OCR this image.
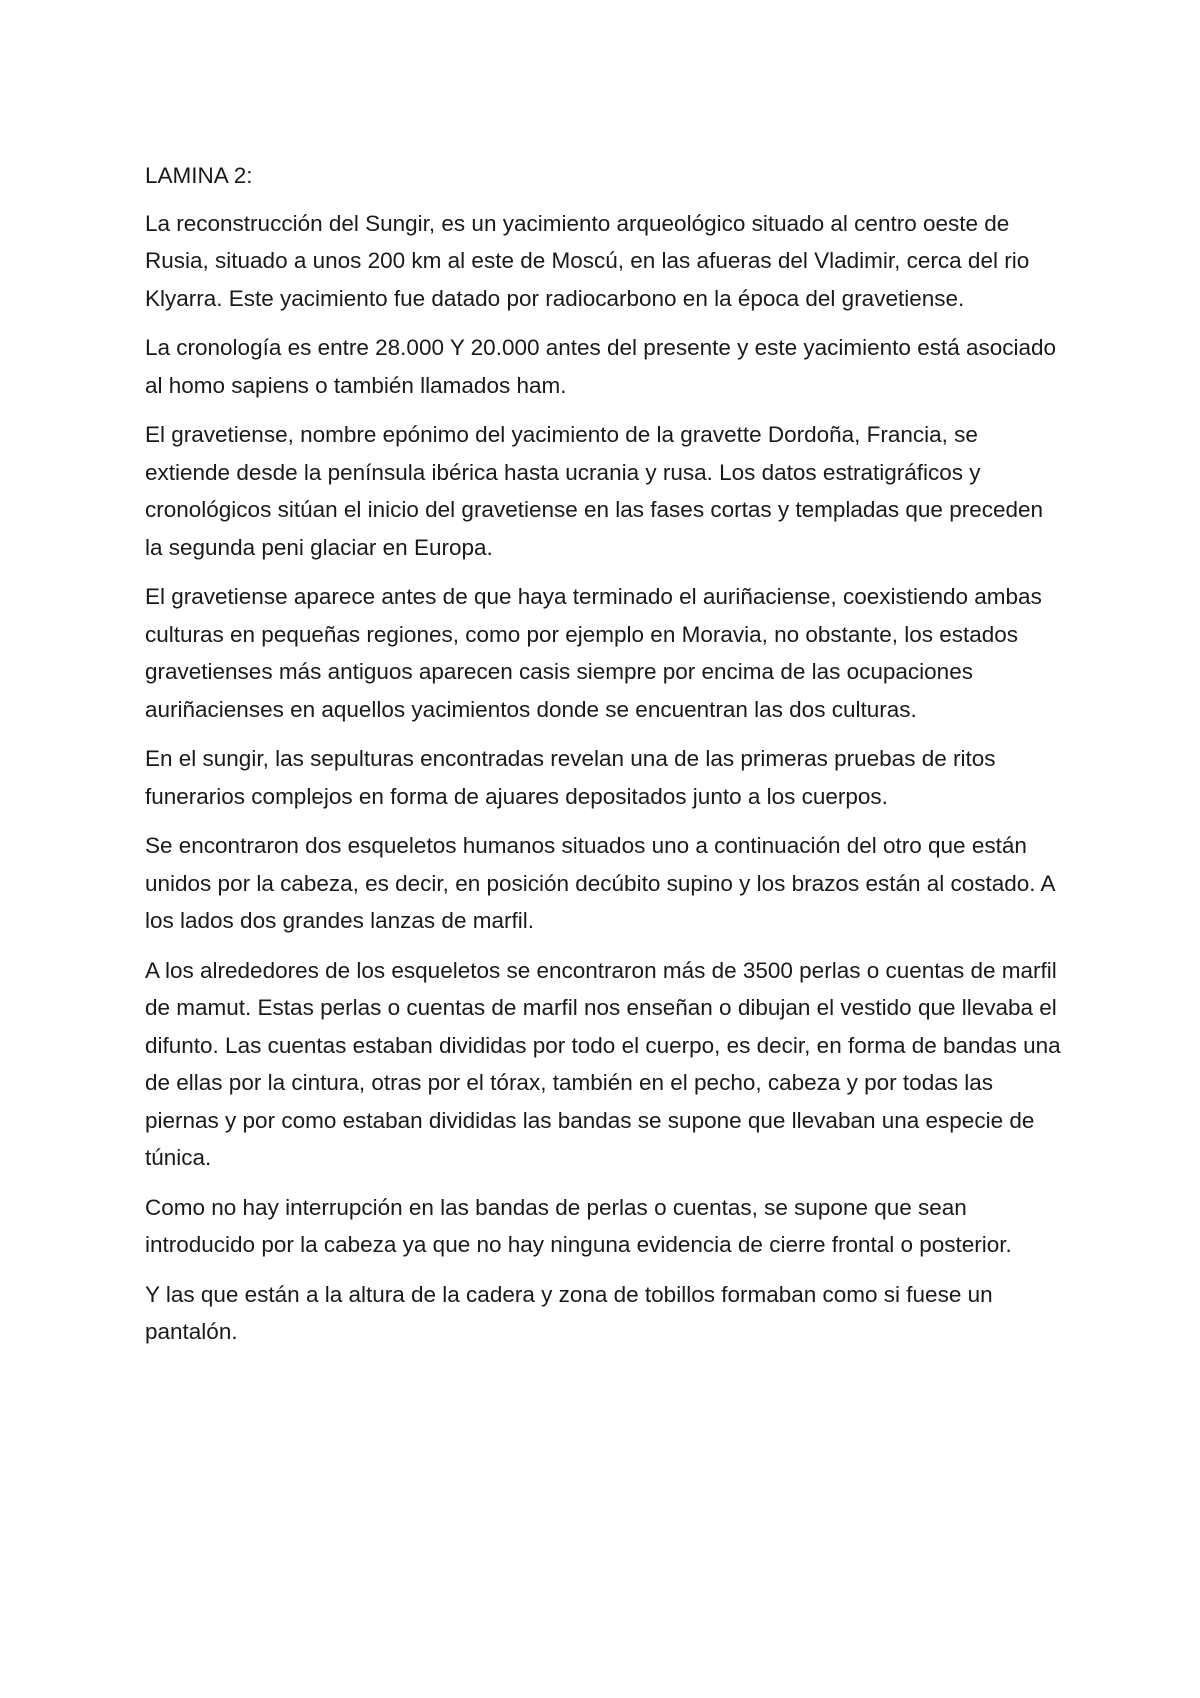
LAMINA 2:

La reconstrucción del Sungir, es un yacimiento arqueológico situado al centro oeste de Rusia, situado a unos 200 km al este de Moscú, en las afueras del Vladimir, cerca del rio Klyarra. Este yacimiento fue datado por radiocarbono en la época del gravetiense.

La cronología es entre 28.000 Y 20.000 antes del presente y este yacimiento está asociado al homo sapiens o también llamados ham.

El gravetiense, nombre epónimo del yacimiento de la gravette Dordoña, Francia, se extiende desde la península ibérica hasta ucrania y rusa. Los datos estratigráficos y cronológicos sitúan el inicio del gravetiense en las fases cortas y templadas que preceden la segunda peni glaciar en Europa.

El gravetiense aparece antes de que haya terminado el auriñaciense, coexistiendo ambas culturas en pequeñas regiones, como por ejemplo en Moravia, no obstante, los estados gravetienses más antiguos aparecen casis siempre por encima de las ocupaciones auriñacienses en aquellos yacimientos donde se encuentran las dos culturas.

En el sungir, las sepulturas encontradas revelan una de las primeras pruebas de ritos funerarios complejos en forma de ajuares depositados junto a los cuerpos.

Se encontraron dos esqueletos humanos situados uno a continuación del otro que están unidos por la cabeza, es decir, en posición decúbito supino y los brazos están al costado. A los lados dos grandes lanzas de marfil.

A los alrededores de los esqueletos se encontraron más de 3500 perlas o cuentas de marfil de mamut. Estas perlas o cuentas de marfil nos enseñan o dibujan el vestido que llevaba el difunto. Las cuentas estaban divididas por todo el cuerpo, es decir, en forma de bandas una de ellas por la cintura, otras por el tórax, también en el pecho, cabeza y por todas las piernas y por como estaban divididas las bandas se supone que llevaban una especie de túnica.

Como no hay interrupción en las bandas de perlas o cuentas, se supone que sean introducido por la cabeza ya que no hay ninguna evidencia de cierre frontal o posterior.

Y las que están a la altura de la cadera y zona de tobillos formaban como si fuese un pantalón.
